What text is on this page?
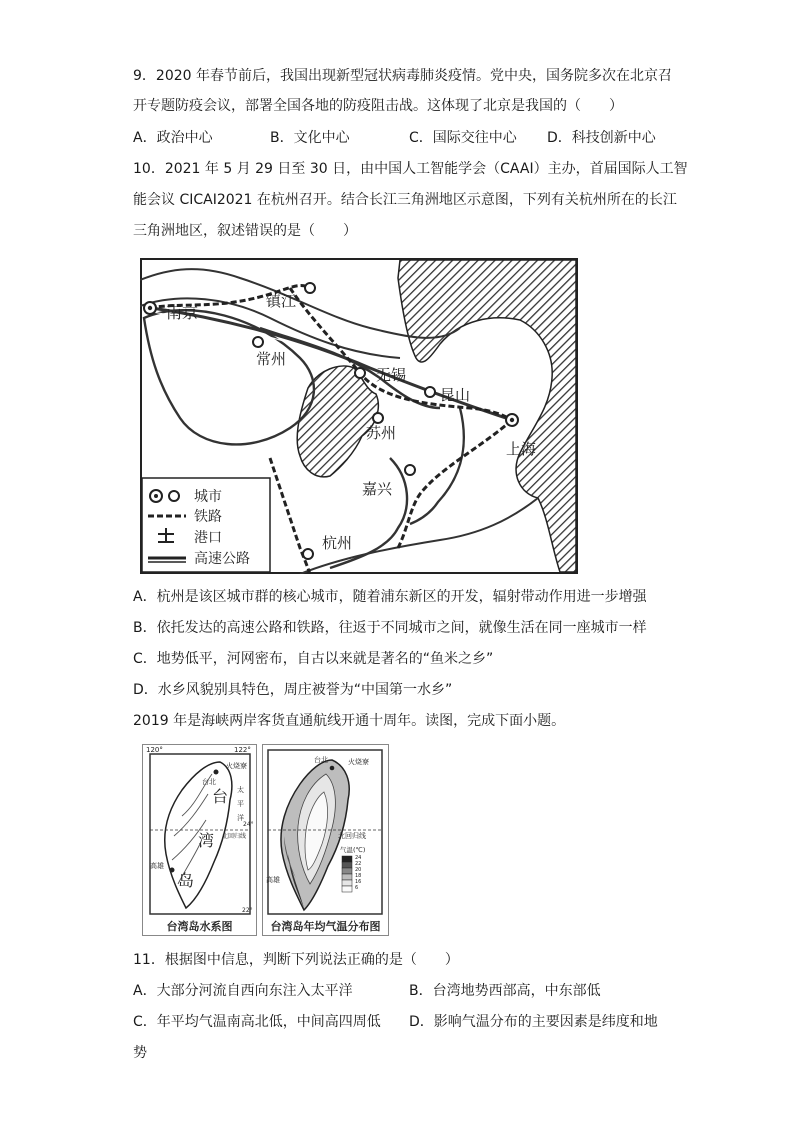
9．2020 年春节前后，我国出现新型冠状病毒肺炎疫情。党中央，国务院多次在北京召
开专题防疫会议，部署全国各地的防疫阻击战。这体现了北京是我国的（　　）
A．政治中心	B．文化中心	C．国际交往中心 D．科技创新中心
10．2021 年 5 月 29 日至 30 日，由中国人工智能学会（CAAI）主办，首届国际人工智
能会议 CICAI2021 在杭州召开。结合长江三角洲地区示意图，下列有关杭州所在的长江
三角洲地区，叙述错误的是（　　）
南京
镇江
常州
无锡
昆山
苏州
上海
嘉兴
杭州
城市
铁路
港口
高速公路
A．杭州是该区城市群的核心城市，随着浦东新区的开发，辐射带动作用进一步增强
B．依托发达的高速公路和铁路，往返于不同城市之间，就像生活在同一座城市一样
C．地势低平，河网密布，自古以来就是著名的“鱼米之乡”
D．水乡风貌别具特色，周庄被誉为“中国第一水乡”
2019 年是海峡两岸客货直通航线开通十周年。读图，完成下面小题。
120°	122°
台北
火烧寮
太
平
洋
台
湾
岛
24°
北回归线
高雄
22°
台湾岛水系图
台北	火烧寮
北回归线
高雄
气温(℃)
24
22
20
18
16
6
台湾岛年均气温分布图
11．根据图中信息，判断下列说法正确的是（　　）
A．大部分河流自西向东注入太平洋	B．台湾地势西部高，中东部低
C．年平均气温南高北低，中间高四周低 D．影响气温分布的主要因素是纬度和地
势
